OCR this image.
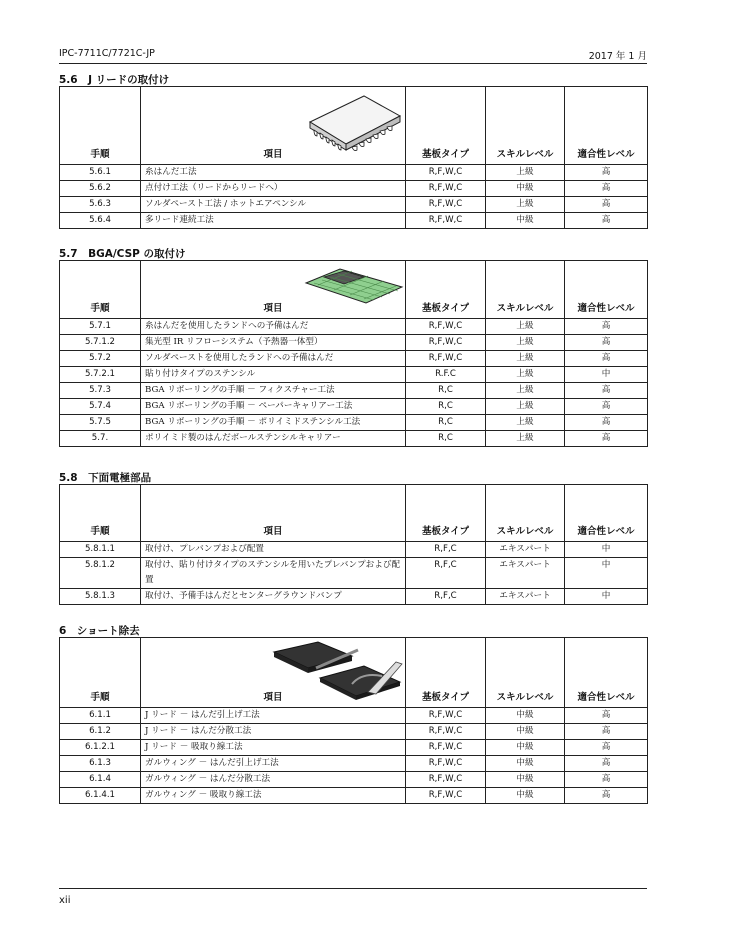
IPC-7711C/7721C-JP	2017 年 1 月
5.6　J リードの取付け
手順	項目	基板タイプ	スキルレベル	適合性レベル
5.6.1	糸はんだ工法	R,F,W,C	上級	高
5.6.2	点付け工法（リードからリードへ）	R,F,W,C	中級	高
5.6.3	ソルダペースト工法 / ホットエアペンシル	R,F,W,C	上級	高
5.6.4	多リード連続工法	R,F,W,C	中級	高
5.7　BGA/CSP の取付け
手順	項目	基板タイプ	スキルレベル	適合性レベル
5.7.1	糸はんだを使用したランドへの予備はんだ	R,F,W,C	上級	高
5.7.1.2	集光型 IR リフローシステム（予熱器一体型）	R,F,W,C	上級	高
5.7.2	ソルダペーストを使用したランドへの予備はんだ	R,F,W,C	上級	高
5.7.2.1	貼り付けタイプのステンシル	R.F.C	上級	中
5.7.3	BGA リボーリングの手順 － フィクスチャー工法	R,C	上級	高
5.7.4	BGA リボーリングの手順 － ペーパーキャリアー工法	R,C	上級	高
5.7.5	BGA リボーリングの手順 － ポリイミドステンシル工法	R,C	上級	高
5.7.	ポリイミド製のはんだボールステンシルキャリアー	R,C	上級	高
5.8　下面電極部品
手順	項目	基板タイプ	スキルレベル	適合性レベル
5.8.1.1	取付け、プレバンプおよび配置	R,F,C	エキスパート	中
5.8.1.2	取付け、貼り付けタイプのステンシルを用いたプレバンプおよび配置	R,F,C	エキスパート	中
5.8.1.3	取付け、予備手はんだとセンターグラウンドバンプ	R,F,C	エキスパート	中
6　ショート除去
手順	項目	基板タイプ	スキルレベル	適合性レベル
6.1.1	J リード － はんだ引上げ工法	R,F,W,C	中級	高
6.1.2	J リード － はんだ分散工法	R,F,W,C	中級	高
6.1.2.1	J リード － 吸取り線工法	R,F,W,C	中級	高
6.1.3	ガルウィング － はんだ引上げ工法	R,F,W,C	中級	高
6.1.4	ガルウィング － はんだ分散工法	R,F,W,C	中級	高
6.1.4.1	ガルウィング － 吸取り線工法	R,F,W,C	中級	高
xii
